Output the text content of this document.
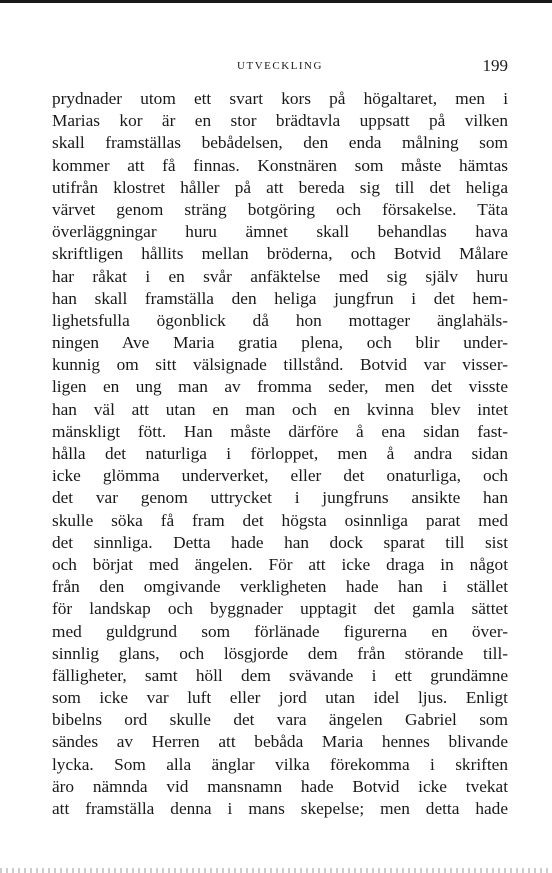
UTVECKLING	199
prydnader utom ett svart kors på högaltaret, men i
Marias kor är en stor brädtavla uppsatt på vilken
skall framställas bebådelsen, den enda målning som
kommer att få finnas. Konstnären som måste hämtas
utifrån klostret håller på att bereda sig till det heliga
värvet genom sträng botgöring och försakelse. Täta
överläggningar huru ämnet skall behandlas hava
skriftligen hållits mellan bröderna, och Botvid Målare
har råkat i en svår anfäktelse med sig själv huru
han skall framställa den heliga jungfrun i det hem-
lighetsfulla ögonblick då hon mottager änglahäls-
ningen Ave Maria gratia plena, och blir under-
kunnig om sitt välsignade tillstånd. Botvid var visser-
ligen en ung man av fromma seder, men det visste
han väl att utan en man och en kvinna blev intet
mänskligt fött. Han måste därföre å ena sidan fast-
hålla det naturliga i förloppet, men å andra sidan
icke glömma underverket, eller det onaturliga, och
det var genom uttrycket i jungfruns ansikte han
skulle söka få fram det högsta osinnliga parat med
det sinnliga. Detta hade han dock sparat till sist
och börjat med ängelen. För att icke draga in något
från den omgivande verkligheten hade han i stället
för landskap och byggnader upptagit det gamla sättet
med guldgrund som förlänade figurerna en över-
sinnlig glans, och lösgjorde dem från störande till-
fälligheter, samt höll dem svävande i ett grundämne
som icke var luft eller jord utan idel ljus. Enligt
bibelns ord skulle det vara ängelen Gabriel som
sändes av Herren att bebåda Maria hennes blivande
lycka. Som alla änglar vilka förekomma i skriften
äro nämnda vid mansnamn hade Botvid icke tvekat
att framställa denna i mans skepelse; men detta hade
